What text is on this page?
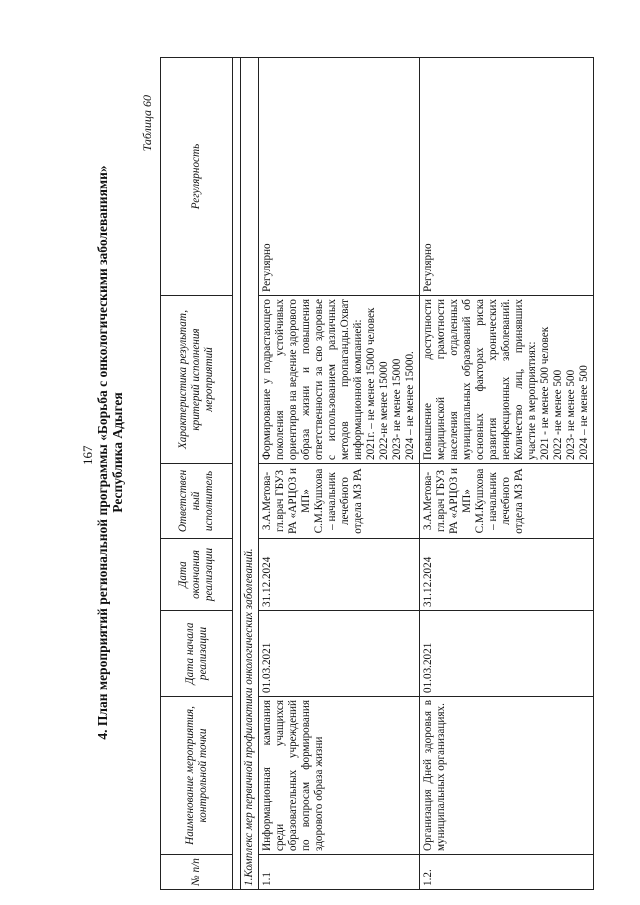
167 4. План мероприятий региональной программы «Борьба с онкологическими заболеваниями» Республика Адыгея
Таблица 60
№ п/п	Наименование мероприятия, контрольной точки	Дата начала реализации	Дата окончания реализации	Ответствен ный исполнитель	Характеристика результат, критерий исполнения мероприятий	Регулярность

1.Комплекс мер первичной профилактики онкологических заболеваний.						
1.1	Информационная кампания среди учащихся образовательных учреждений по вопросам формирования здорового образа жизни	01.03.2021	31.12.2024	З.А.Метова-гл.врач ГБУЗ РА «АРЦОЗ и МП» С.М.Кушхова – начальник лечебного отдела МЗ РА	Формирование у подрастающего поколения устойчивых ориентиров на ведение здорового образа жизни и повышения ответственности за сво здоровье с использованием различных методов пропаганды.Охват информационной компанией: 2021г. – не менее 15000 человек 2022-не менее 15000 2023- не менее 15000 2024 – не менее 15000.	Регулярно
1.2.	Организация Дней здоровья в муниципальных организациях.	01.03.2021	31.12.2024	З.А.Метова-гл.врач ГБУЗ РА «АРЦОЗ и МП» С.М.Кушхова – начальник лечебного отдела МЗ РА	Повышение доступности медицинской грамотности населения отдаленных муниципальных образований об основных факторах риска развития хронических неинфекционных заболеваний. Количество лиц, принявших участие в мероприятиях: 2021 - не менее 500 человек 2022 -не менее 500 2023- не менее 500 2024 – не менее 500	Регулярно
